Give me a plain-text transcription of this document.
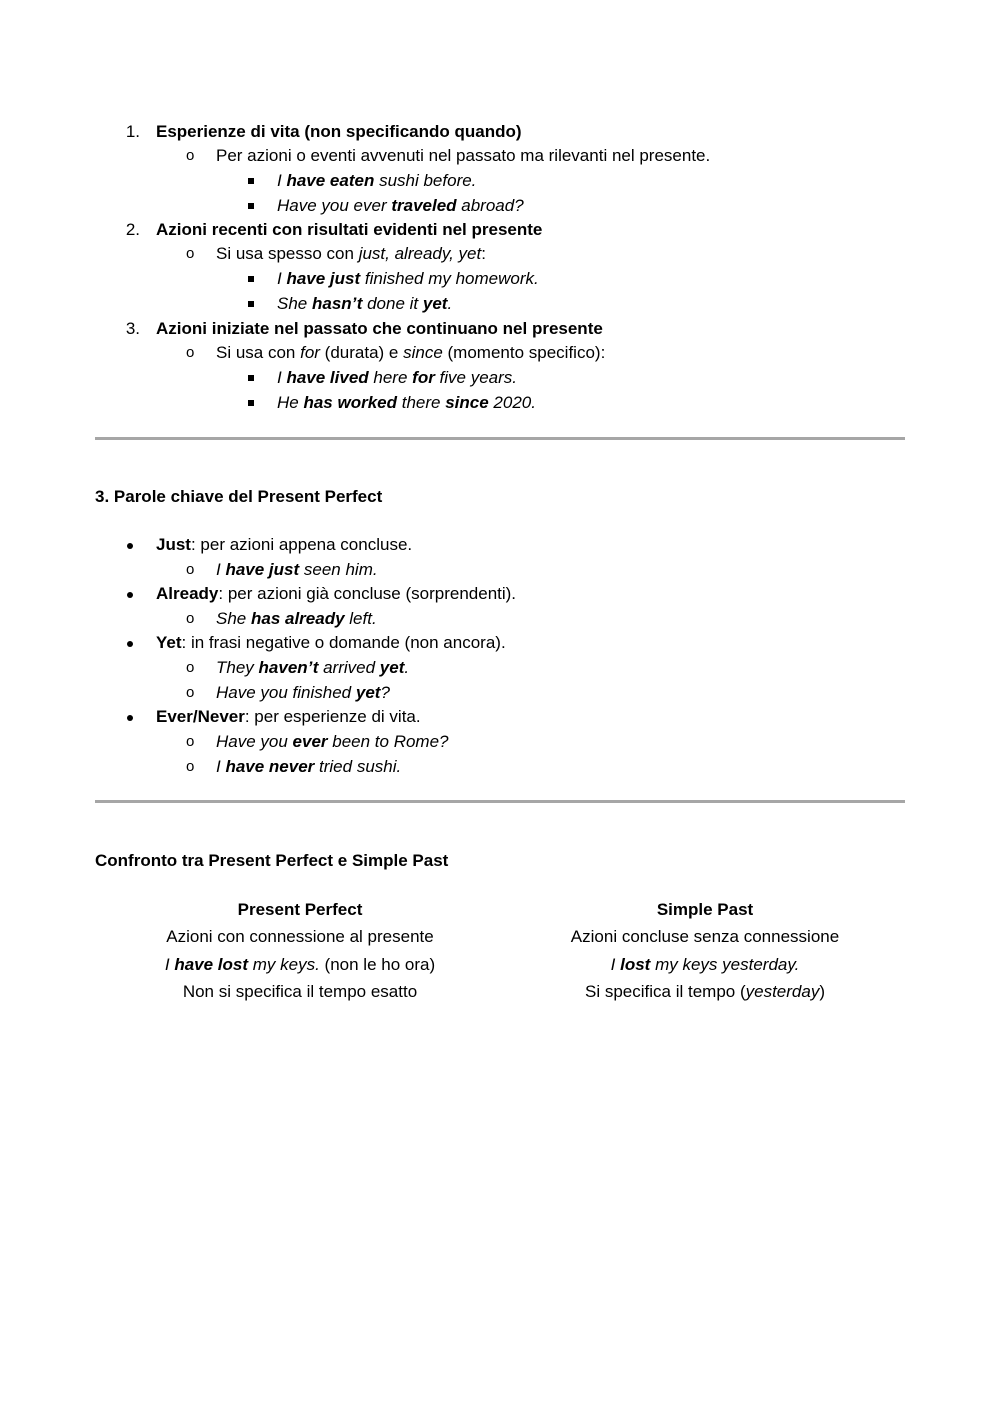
1. Esperienze di vita (non specificando quando)
o Per azioni o eventi avvenuti nel passato ma rilevanti nel presente.
I have eaten sushi before.
Have you ever traveled abroad?
2. Azioni recenti con risultati evidenti nel presente
o Si usa spesso con just, already, yet:
I have just finished my homework.
She hasn’t done it yet.
3. Azioni iniziate nel passato che continuano nel presente
o Si usa con for (durata) e since (momento specifico):
I have lived here for five years.
He has worked there since 2020.
3. Parole chiave del Present Perfect
Just: per azioni appena concluse.
o I have just seen him.
Already: per azioni già concluse (sorprendenti).
o She has already left.
Yet: in frasi negative o domande (non ancora).
o They haven’t arrived yet.
o Have you finished yet?
Ever/Never: per esperienze di vita.
o Have you ever been to Rome?
o I have never tried sushi.
Confronto tra Present Perfect e Simple Past
Present Perfect
Azioni con connessione al presente
I have lost my keys. (non le ho ora)
Non si specifica il tempo esatto
Simple Past
Azioni concluse senza connessione
I lost my keys yesterday.
Si specifica il tempo (yesterday)
